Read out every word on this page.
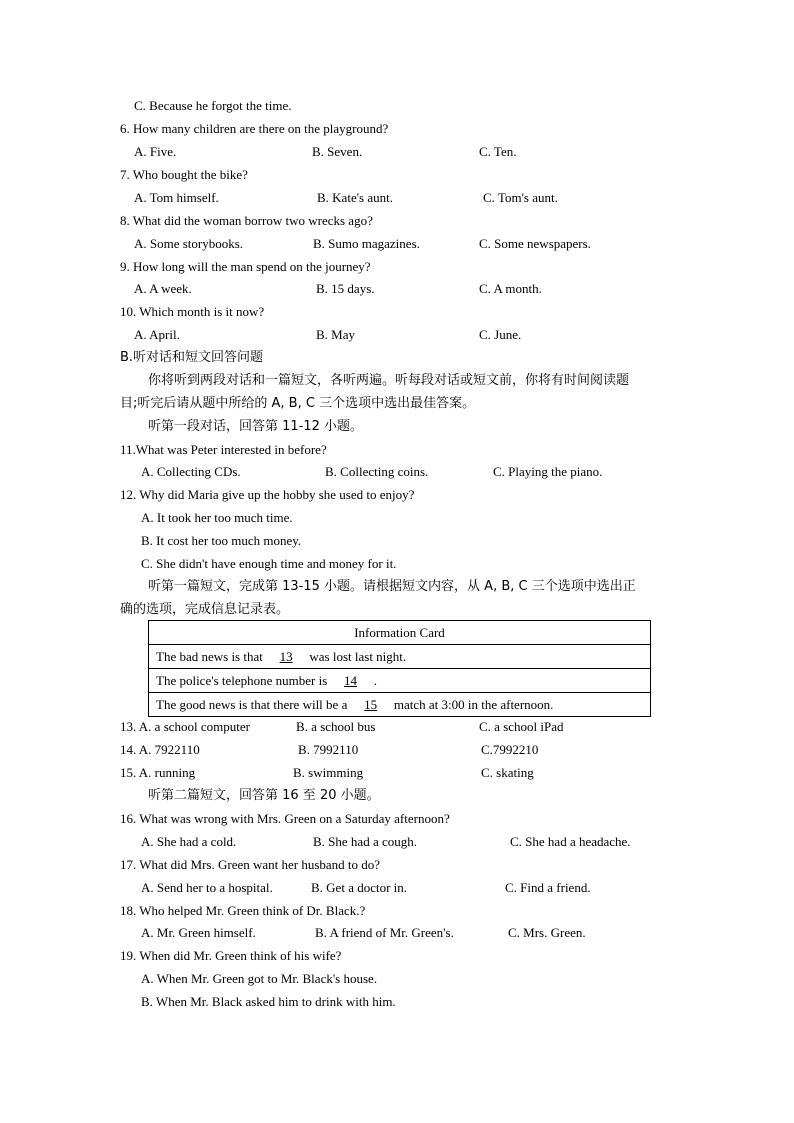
C. Because he forgot the time.
6. How many children are there on the playground?
A. Five.	B. Seven.	C. Ten.
7. Who bought the bike?
A. Tom himself.	B. Kate's aunt.	C. Tom's aunt.
8. What did the woman borrow two wrecks ago?
A. Some storybooks.	B. Sumo magazines.	C. Some newspapers.
9. How long will the man spend on the journey?
A. A week.	B. 15 days.	C. A month.
10. Which month is it now?
A. April.	B. May	C. June.
B.听对话和短文回答问题
你将听到两段对话和一篇短文，各听两遍。听每段对话或短文前，你将有时间阅读题
目;听完后请从题中所给的 A, B, C 三个选项中选出最佳答案。
听第一段对话，回答第 11-12 小题。
11.What was Peter interested in before?
A. Collecting CDs.	B. Collecting coins.	C. Playing the piano.
12. Why did Maria give up the hobby she used to enjoy?
A. It took her too much time.
B. It cost her too much money.
C. She didn't have enough time and money for it.
听第一篇短文，完成第 13-15 小题。请根据短文内容，从 A, B, C 三个选项中选出正
确的选项，完成信息记录表。
Information Card
The bad news is that 13 was lost last night.
The police's telephone number is 14 .
The good news is that there will be a 15 match at 3:00 in the afternoon.
13. A. a school computer	B. a school bus	C. a school iPad
14. A. 7922110	B. 7992110	C.7992210
15. A. running	B. swimming	C. skating
听第二篇短文，回答第 16 至 20 小题。
16. What was wrong with Mrs. Green on a Saturday afternoon?
A. She had a cold.	B. She had a cough.	C. She had a headache.
17. What did Mrs. Green want her husband to do?
A. Send her to a hospital.	B. Get a doctor in.	C. Find a friend.
18. Who helped Mr. Green think of Dr. Black.?
A. Mr. Green himself.	B. A friend of Mr. Green's.	C. Mrs. Green.
19. When did Mr. Green think of his wife?
A. When Mr. Green got to Mr. Black's house.
B. When Mr. Black asked him to drink with him.
